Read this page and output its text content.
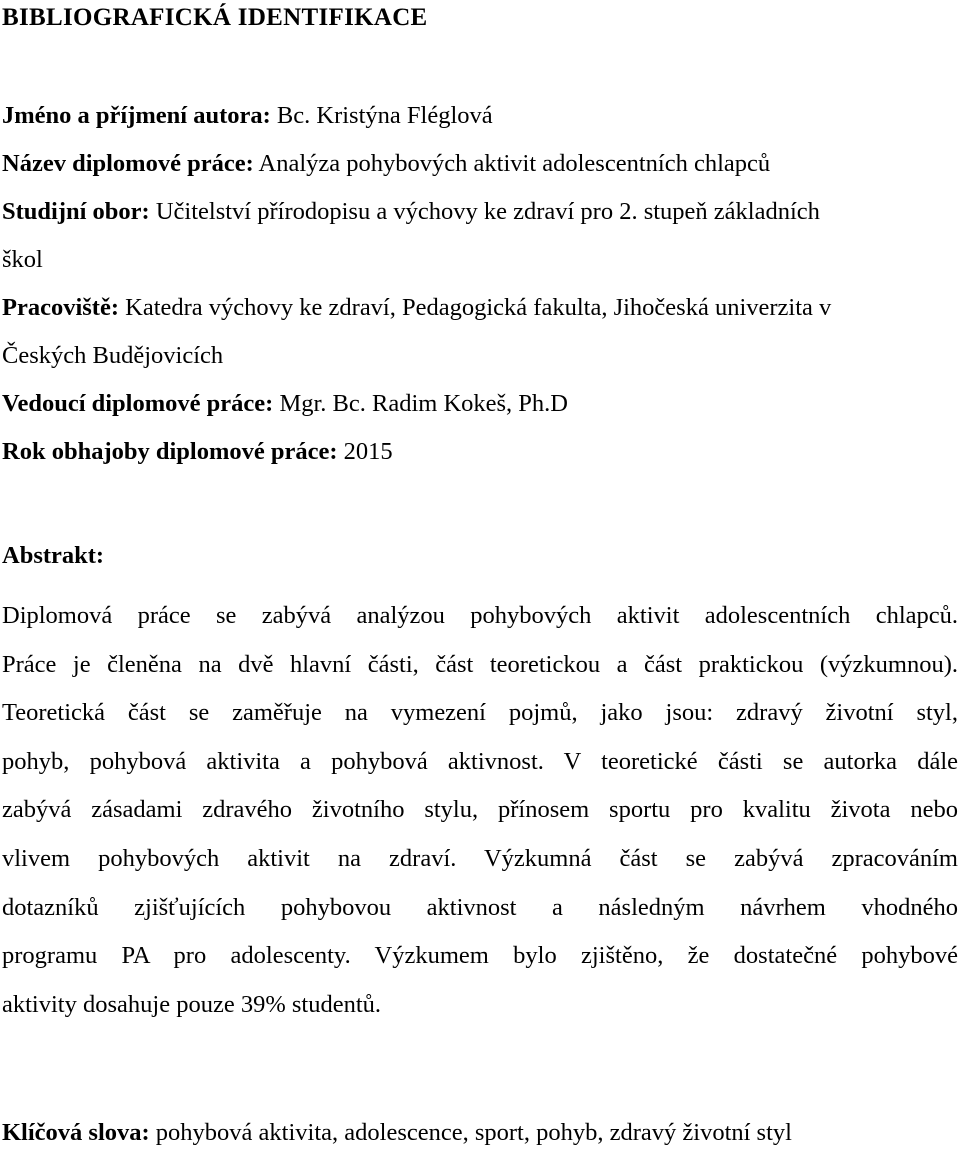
BIBLIOGRAFICKÁ IDENTIFIKACE
Jméno a příjmení autora: Bc. Kristýna Fléglová
Název diplomové práce: Analýza pohybových aktivit adolescentních chlapců
Studijní obor: Učitelství přírodopisu a výchovy ke zdraví pro 2. stupeň základních
škol
Pracoviště: Katedra výchovy ke zdraví, Pedagogická fakulta, Jihočeská univerzita v
Českých Budějovicích
Vedoucí diplomové práce: Mgr. Bc. Radim Kokeš, Ph.D
Rok obhajoby diplomové práce: 2015
Abstrakt:
Diplomová práce se zabývá analýzou pohybových aktivit adolescentních chlapců.
Práce je členěna na dvě hlavní části, část teoretickou a část praktickou (výzkumnou).
Teoretická část se zaměřuje na vymezení pojmů, jako jsou: zdravý životní styl,
pohyb, pohybová aktivita a pohybová aktivnost. V teoretické části se autorka dále
zabývá zásadami zdravého životního stylu, přínosem sportu pro kvalitu života nebo
vlivem pohybových aktivit na zdraví. Výzkumná část se zabývá zpracováním
dotazníků zjišťujících pohybovou aktivnost a následným návrhem vhodného
programu PA pro adolescenty. Výzkumem bylo zjištěno, že dostatečné pohybové
aktivity dosahuje pouze 39% studentů.
Klíčová slova: pohybová aktivita, adolescence, sport, pohyb, zdravý životní styl
